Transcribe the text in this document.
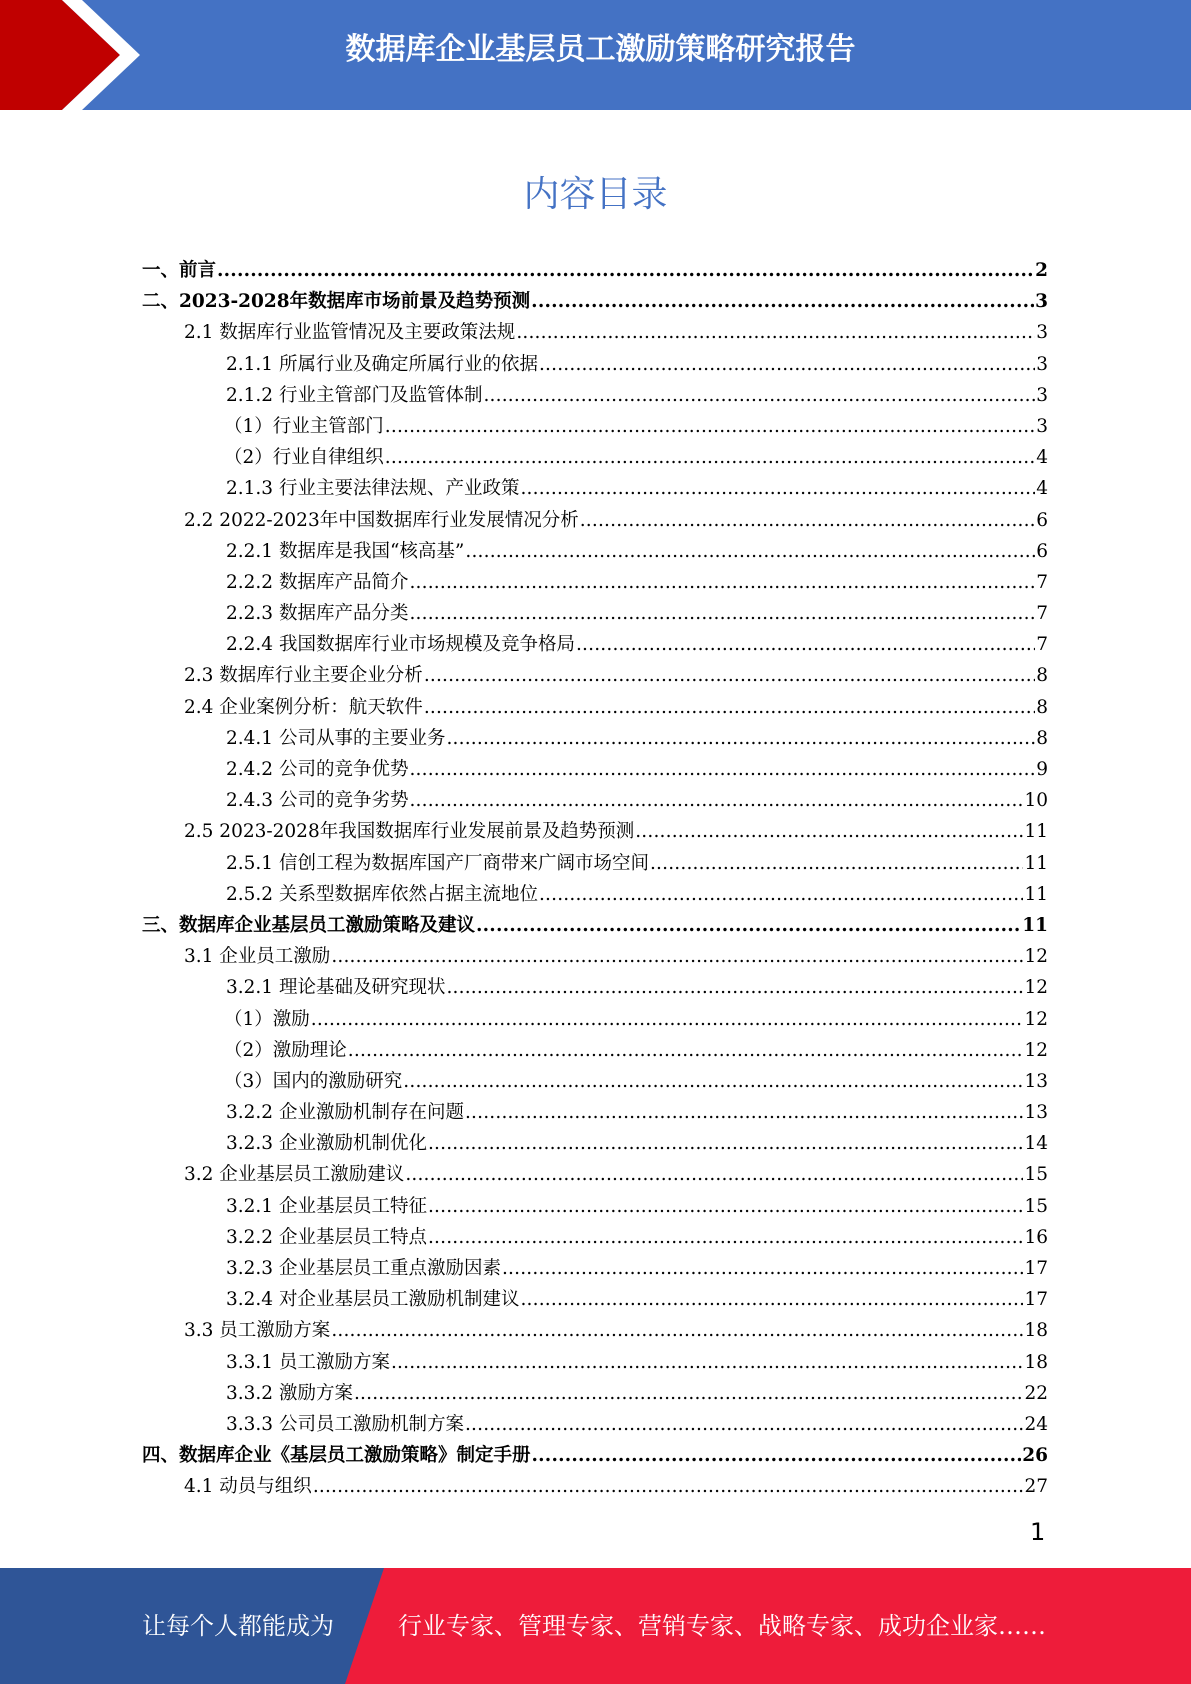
数据库企业基层员工激励策略研究报告
内容目录
一、前言 .....	2
二、2023-2028年数据库市场前景及趋势预测 .....	3
2.1 数据库行业监管情况及主要政策法规 .....	3
2.1.1 所属行业及确定所属行业的依据 .....	3
2.1.2 行业主管部门及监管体制 .....	3
（1）行业主管部门 .....	3
（2）行业自律组织 .....	4
2.1.3 行业主要法律法规、产业政策 .....	4
2.2 2022-2023年中国数据库行业发展情况分析 .....	6
2.2.1 数据库是我国“核高基” .....	6
2.2.2 数据库产品简介 .....	7
2.2.3 数据库产品分类 .....	7
2.2.4 我国数据库行业市场规模及竞争格局 .....	7
2.3 数据库行业主要企业分析 .....	8
2.4 企业案例分析：航天软件 .....	8
2.4.1 公司从事的主要业务 .....	8
2.4.2 公司的竞争优势 .....	9
2.4.3 公司的竞争劣势 .....	10
2.5 2023-2028年我国数据库行业发展前景及趋势预测 .....	11
2.5.1 信创工程为数据库国产厂商带来广阔市场空间 .....	11
2.5.2 关系型数据库依然占据主流地位 .....	11
三、数据库企业基层员工激励策略及建议 .....	11
3.1 企业员工激励 .....	12
3.2.1 理论基础及研究现状 .....	12
（1）激励 .....	12
（2）激励理论 .....	12
（3）国内的激励研究 .....	13
3.2.2 企业激励机制存在问题 .....	13
3.2.3 企业激励机制优化 .....	14
3.2 企业基层员工激励建议 .....	15
3.2.1 企业基层员工特征 .....	15
3.2.2 企业基层员工特点 .....	16
3.2.3 企业基层员工重点激励因素 .....	17
3.2.4 对企业基层员工激励机制建议 .....	17
3.3 员工激励方案 .....	18
3.3.1 员工激励方案 .....	18
3.3.2 激励方案 .....	22
3.3.3 公司员工激励机制方案 .....	24
四、数据库企业《基层员工激励策略》制定手册 .....	26
4.1 动员与组织 .....	27
1
让每个人都能成为	行业专家、管理专家、营销专家、战略专家、成功企业家……
